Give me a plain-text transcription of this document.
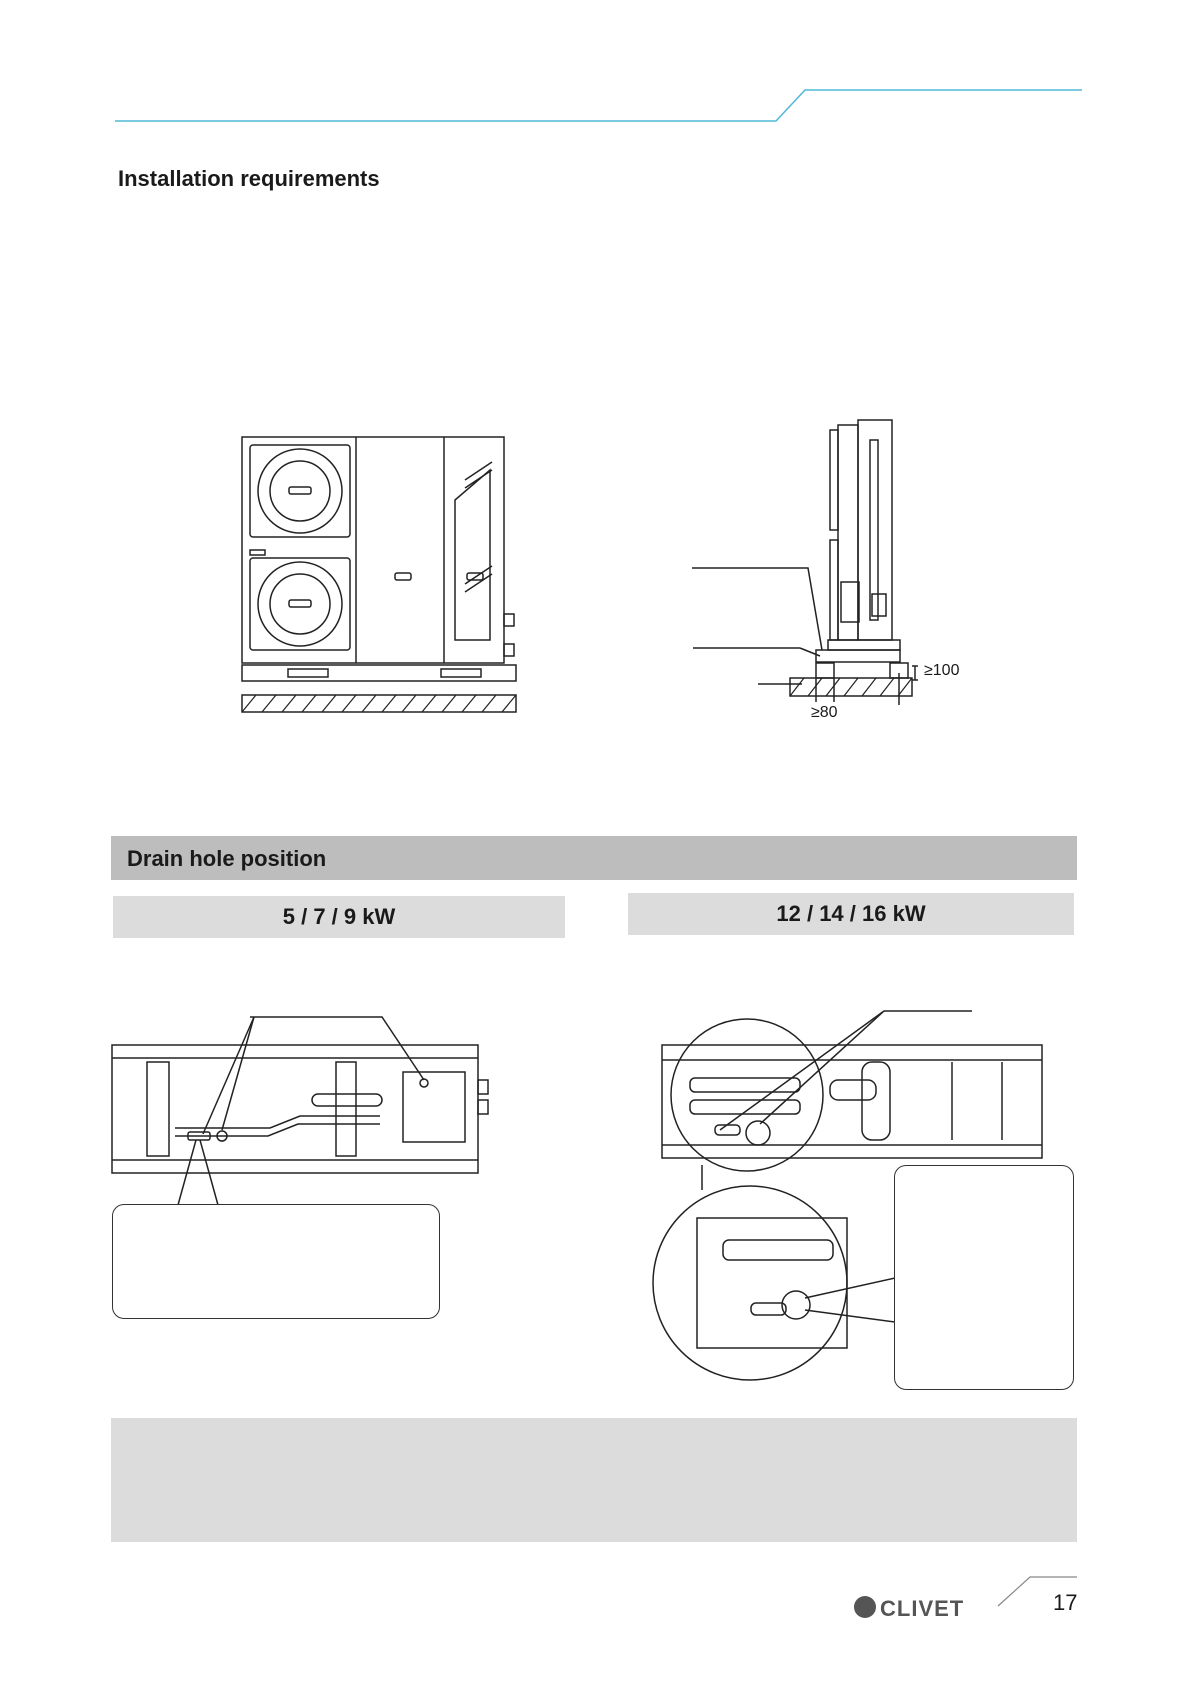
Installation requirements
≥100
≥80
Drain hole position
5 / 7 / 9 kW	12 / 14 / 16 kW
CLIVET	17
